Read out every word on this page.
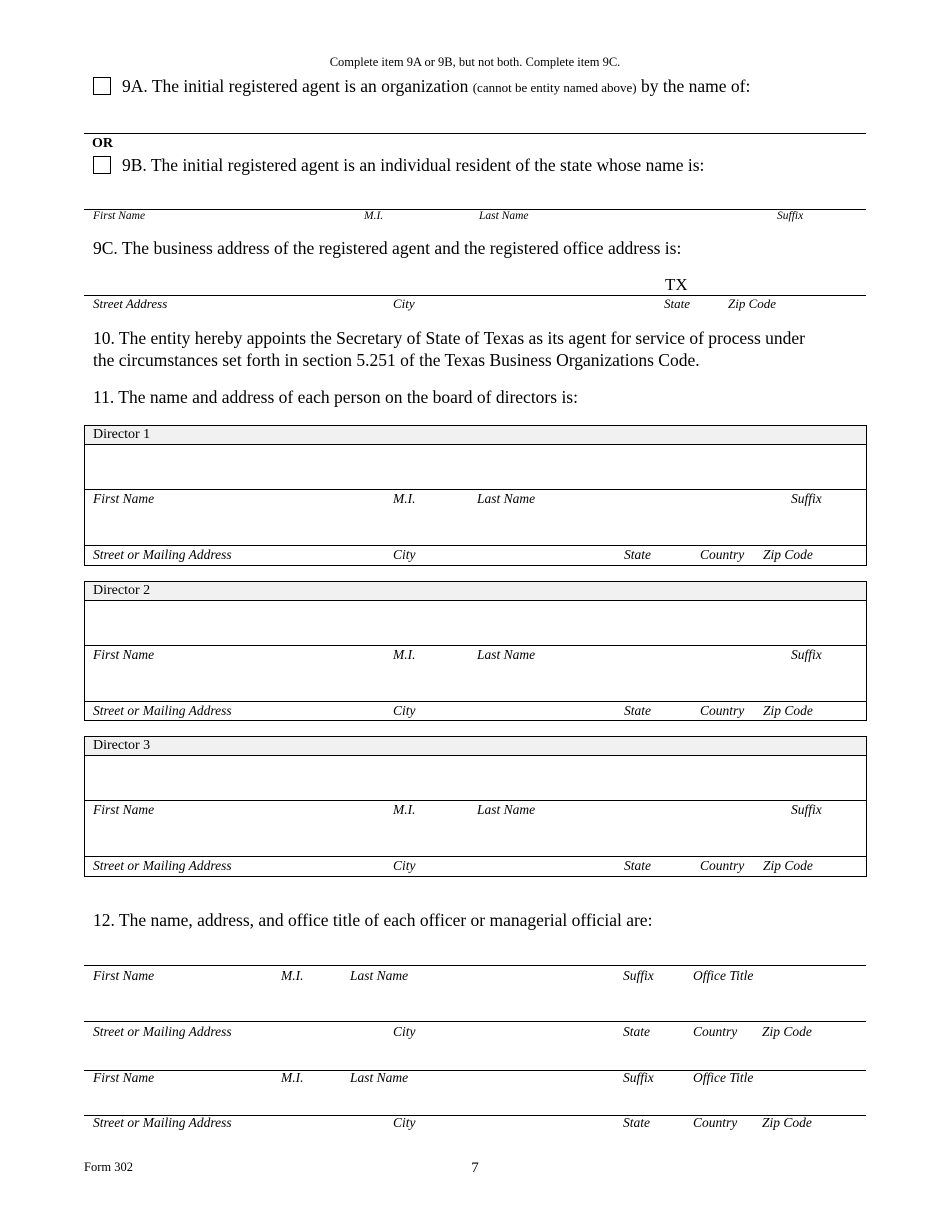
Complete item 9A or 9B, but not both. Complete item 9C.
9A. The initial registered agent is an organization (cannot be entity named above) by the name of:
OR
9B. The initial registered agent is an individual resident of the state whose name is:
First Name	M.I.	Last Name	Suffix
9C. The business address of the registered agent and the registered office address is:
TX
Street Address	City	State	Zip Code
10. The entity hereby appoints the Secretary of State of Texas as its agent for service of process under
the circumstances set forth in section 5.251 of the Texas Business Organizations Code.
11. The name and address of each person on the board of directors is:
Director 1
First Name	M.I.	Last Name	Suffix
Street or Mailing Address	City	State	Country Zip Code
Director 2
First Name	M.I.	Last Name	Suffix
Street or Mailing Address	City	State	Country Zip Code
Director 3
First Name	M.I.	Last Name	Suffix
Street or Mailing Address	City	State	Country Zip Code
12. The name, address, and office title of each officer or managerial official are:
First Name	M.I.	Last Name	Suffix	Office Title
Street or Mailing Address	City	State	Country Zip Code
First Name	M.I.	Last Name	Suffix	Office Title
Street or Mailing Address	City	State	Country Zip Code
Form 302	7
